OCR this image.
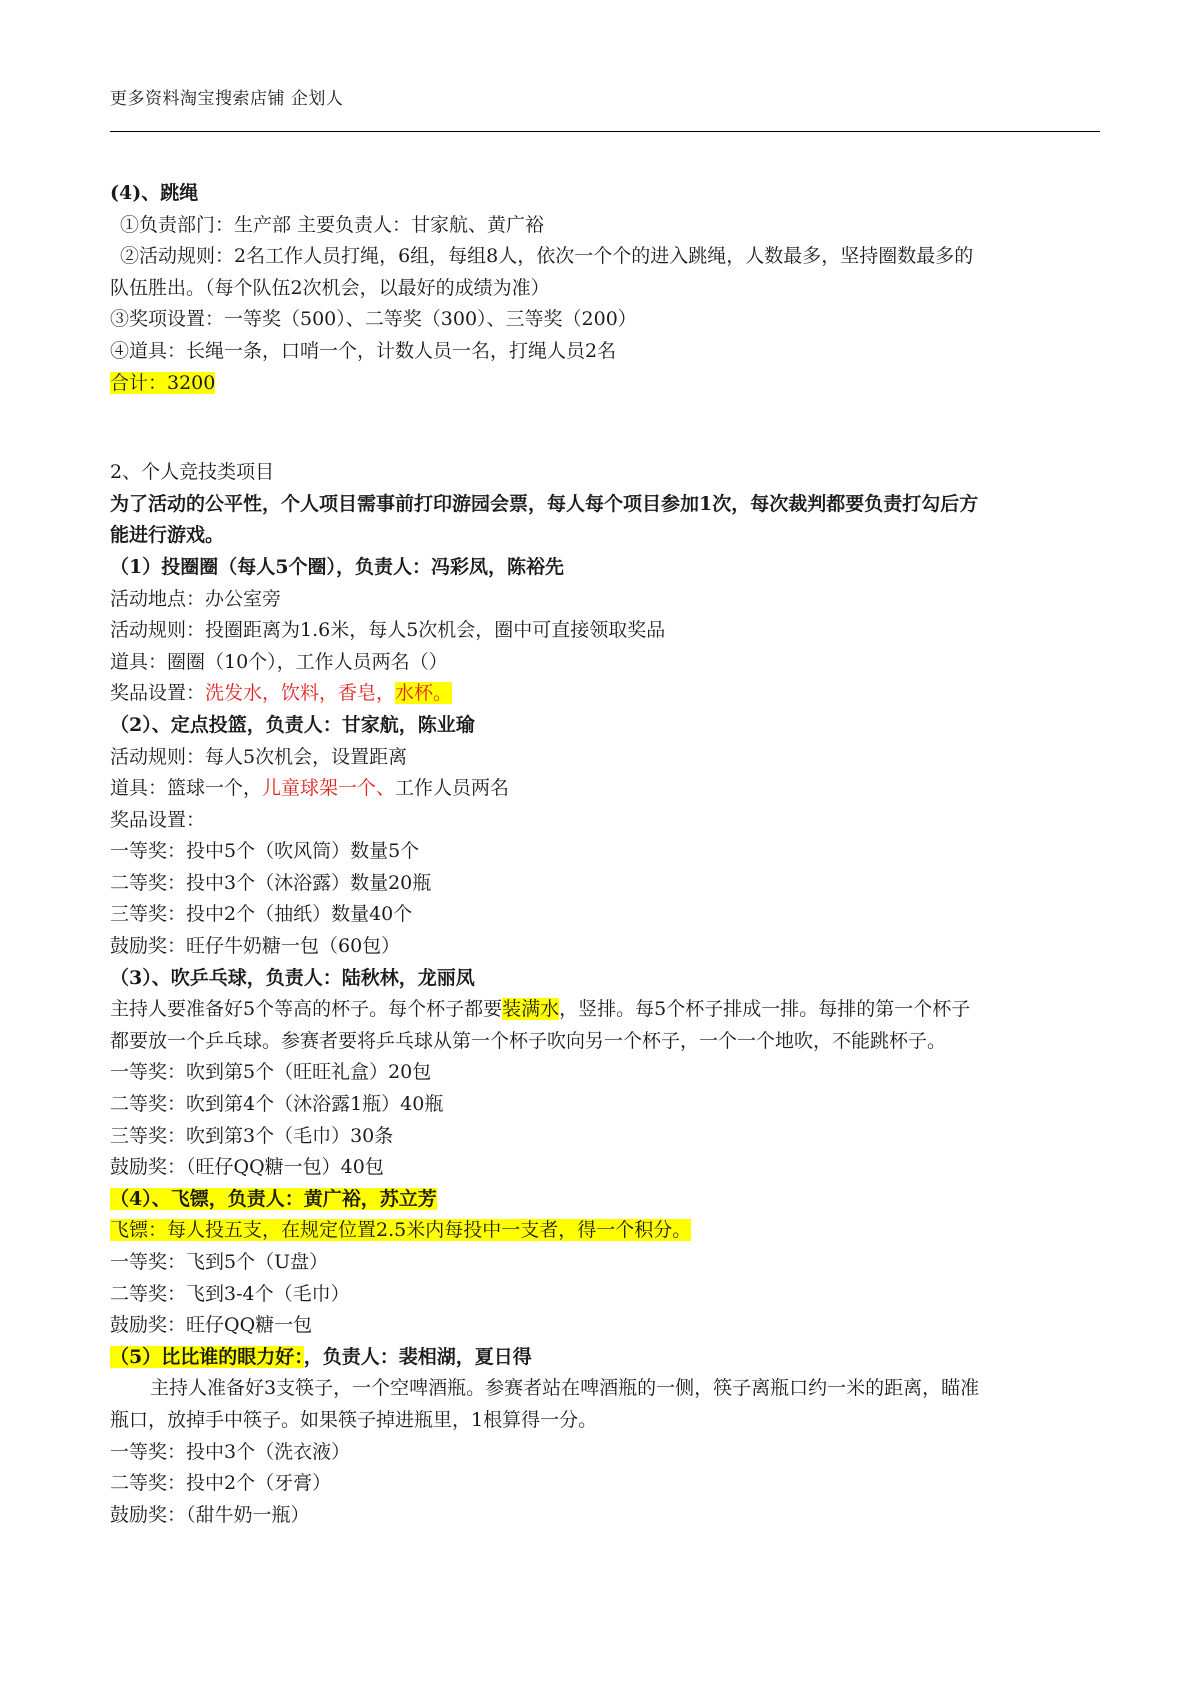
更多资料淘宝搜索店铺 企划人
(4)、跳绳
①负责部门：生产部 主要负责人：甘家航、黄广裕
②活动规则：2名工作人员打绳，6组，每组8人，依次一个个的进入跳绳，人数最多，坚持圈数最多的
队伍胜出。（每个队伍2次机会，以最好的成绩为准）
③奖项设置：一等奖（500）、二等奖（300）、三等奖（200）
④道具：长绳一条，口哨一个，计数人员一名，打绳人员2名
合计：3200
2、个人竞技类项目
为了活动的公平性，个人项目需事前打印游园会票，每人每个项目参加1次，每次裁判都要负责打勾后方
能进行游戏。
（1）投圈圈（每人5个圈），负责人：冯彩凤，陈裕先
活动地点：办公室旁
活动规则：投圈距离为1.6米，每人5次机会，圈中可直接领取奖品
道具：圈圈（10个），工作人员两名（）
奖品设置：洗发水，饮料，香皂，水杯。
（2）、定点投篮，负责人：甘家航，陈业瑜
活动规则：每人5次机会，设置距离
道具：篮球一个，儿童球架一个、工作人员两名
奖品设置：
一等奖：投中5个（吹风筒）数量5个
二等奖：投中3个（沐浴露）数量20瓶
三等奖：投中2个（抽纸）数量40个
鼓励奖：旺仔牛奶糖一包（60包）
（3）、吹乒乓球，负责人：陆秋林，龙丽凤
主持人要准备好5个等高的杯子。每个杯子都要装满水，竖排。每5个杯子排成一排。每排的第一个杯子
都要放一个乒乓球。参赛者要将乒乓球从第一个杯子吹向另一个杯子，一个一个地吹，不能跳杯子。
一等奖：吹到第5个（旺旺礼盒）20包
二等奖：吹到第4个（沐浴露1瓶）40瓶
三等奖：吹到第3个（毛巾）30条
鼓励奖：（旺仔QQ糖一包）40包
（4）、飞镖，负责人：黄广裕，苏立芳
飞镖：每人投五支，在规定位置2.5米内每投中一支者，得一个积分。
一等奖：飞到5个（U盘）
二等奖：飞到3-4个（毛巾）
鼓励奖：旺仔QQ糖一包
（5）比比谁的眼力好：，负责人：裴相湖，夏日得
主持人准备好3支筷子，一个空啤酒瓶。参赛者站在啤酒瓶的一侧，筷子离瓶口约一米的距离，瞄准
瓶口，放掉手中筷子。如果筷子掉进瓶里，1根算得一分。
一等奖：投中3个（洗衣液）
二等奖：投中2个（牙膏）
鼓励奖：（甜牛奶一瓶）
